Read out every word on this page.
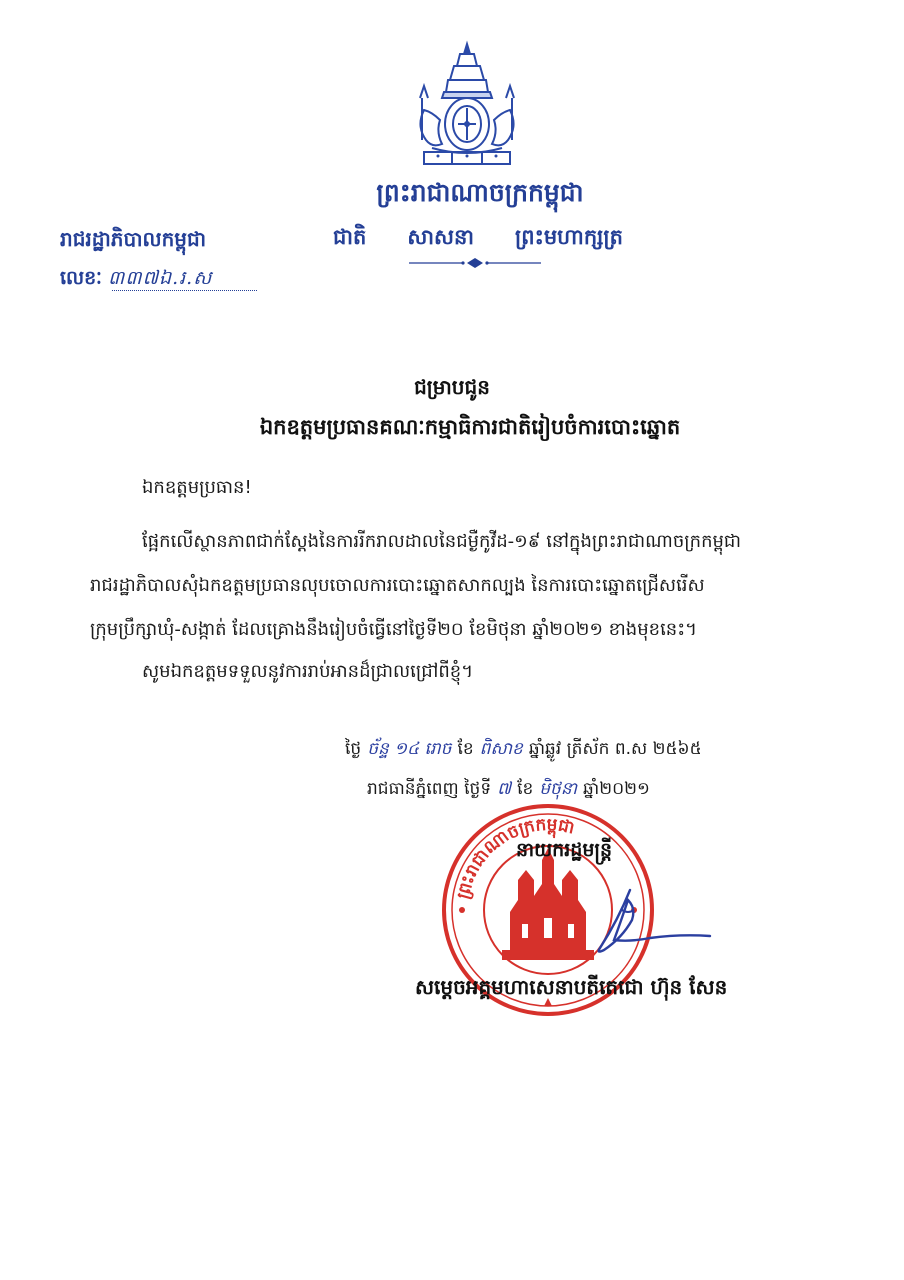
ព្រះរាជាណាចក្រកម្ពុជា
ជាតិ សាសនា ព្រះមហាក្សត្រ
រាជរដ្ឋាភិបាលកម្ពុជា
លេខៈ ៣៣៧ឯ.រ.ស
ជម្រាបជូន
ឯកឧត្តមប្រធានគណៈកម្មាធិការជាតិរៀបចំការបោះឆ្នោត
ឯកឧត្តមប្រធាន!
ផ្អែកលើស្ថានភាពជាក់ស្តែងនៃការរីករាលដាលនៃជម្ងឺកូវីដ-១៩ នៅក្នុងព្រះរាជាណាចក្រកម្ពុជា
រាជរដ្ឋាភិបាលសុំឯកឧត្តមប្រធានលុបចោលការបោះឆ្នោតសាកល្បង នៃការបោះឆ្នោតជ្រើសរើស
ក្រុមប្រឹក្សាឃុំ-សង្កាត់ ដែលគ្រោងនឹងរៀបចំធ្វើនៅថ្ងៃទី២០ ខែមិថុនា ឆ្នាំ២០២១ ខាងមុខនេះ។
សូមឯកឧត្តមទទួលនូវការរាប់អានដ៏ជ្រាលជ្រៅពីខ្ញុំ។
ថ្ងៃ ច័ន្ទ ១៤ រោច ខែ ពិសាខ ឆ្នាំឆ្លូវ ត្រីស័ក ព.ស ២៥៦៥
រាជធានីភ្នំពេញ ថ្ងៃទី ៧ ខែ មិថុនា ឆ្នាំ២០២១
ព្រះរាជាណាចក្រកម្ពុជា
នាយករដ្ឋមន្ត្រី
សម្តេចអគ្គមហាសេនាបតីតេជោ ហ៊ុន សែន
